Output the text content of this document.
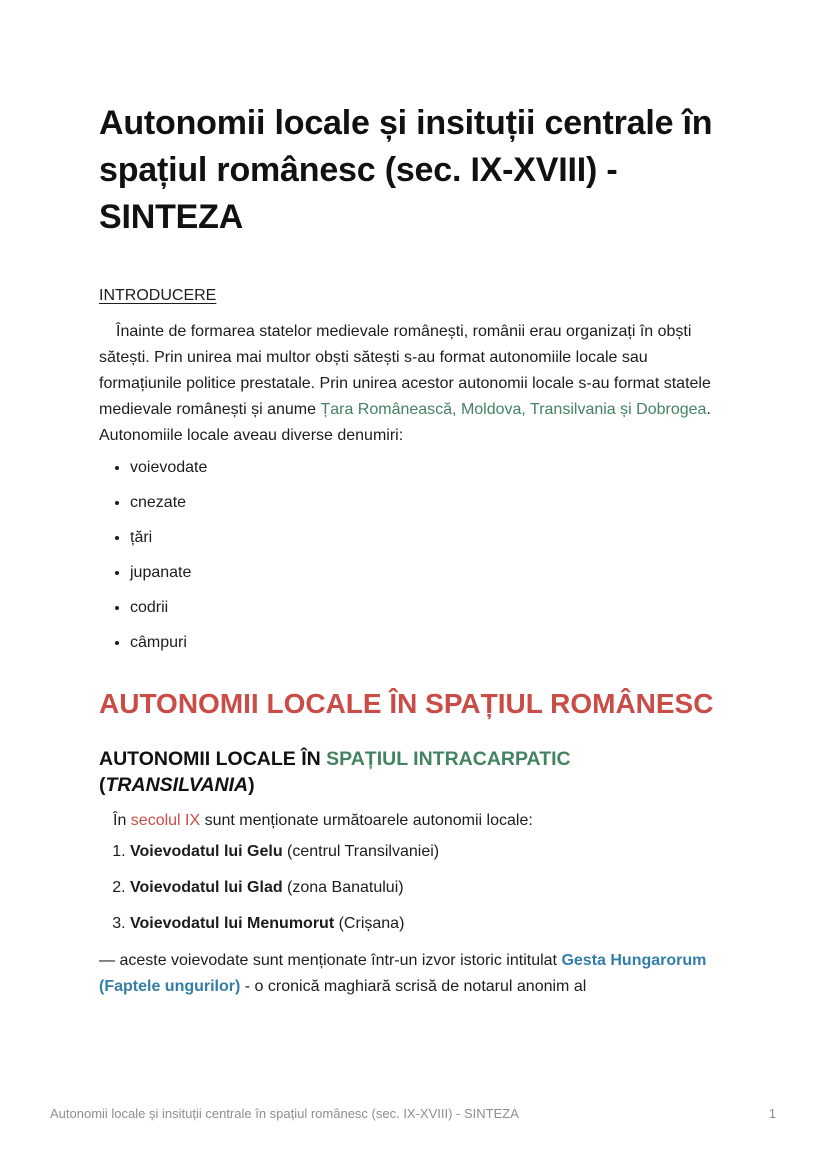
Autonomii locale și insituții centrale în spațiul românesc (sec. IX-XVIII) - SINTEZA
INTRODUCERE

Înainte de formarea statelor medievale românești, românii erau organizați în obști sătești. Prin unirea mai multor obști sătești s-au format autonomiile locale sau formațiunile politice prestatale. Prin unirea acestor autonomii locale s-au format statele medievale românești și anume Țara Românească, Moldova, Transilvania și Dobrogea. Autonomiile locale aveau diverse denumiri:

• voievodate
• cnezate
• țări
• jupanate
• codrii
• câmpuri
AUTONOMII LOCALE ÎN SPAȚIUL ROMÂNESC
AUTONOMII LOCALE ÎN SPAȚIUL INTRACARPATIC (TRANSILVANIA)

În secolul IX sunt menționate următoarele autonomii locale:

1. Voievodatul lui Gelu (centrul Transilvaniei)
2. Voievodatul lui Glad (zona Banatului)
3. Voievodatul lui Menumorut (Crișana)

— aceste voievodate sunt menționate într-un izvor istoric intitulat Gesta Hungarorum (Faptele ungurilor) - o cronică maghiară scrisă de notarul anonim al

Autonomii locale și insituții centrale în spațiul românesc (sec. IX-XVIII) - SINTEZA	1
